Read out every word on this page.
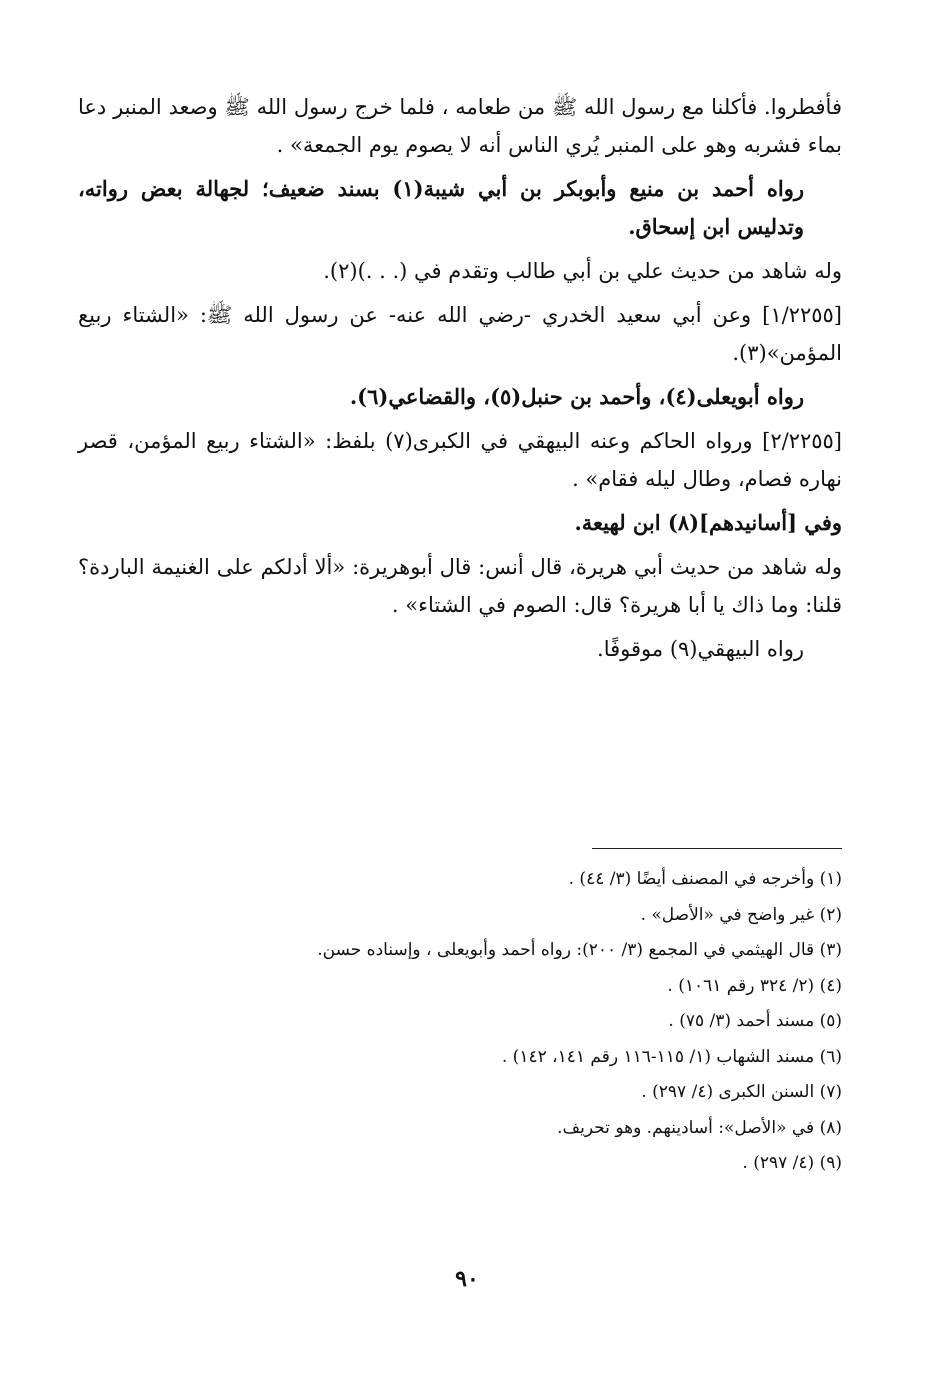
فأفطروا. فأكلنا مع رسول الله ﷺ من طعامه ، فلما خرج رسول الله ﷺ وصعد المنبر دعا بماء فشربه وهو على المنبر يُري الناس أنه لا يصوم يوم الجمعة» .

رواه أحمد بن منيع وأبوبكر بن أبي شيبة(١) بسند ضعيف؛ لجهالة بعض رواته، وتدليس ابن إسحاق.

وله شاهد من حديث علي بن أبي طالب وتقدم في (. . .)(٢).

[١/٢٢٥٥] وعن أبي سعيد الخدري -رضي الله عنه- عن رسول الله ﷺ: «الشتاء ربيع المؤمن»(٣).

رواه أبويعلى(٤)، وأحمد بن حنبل(٥)، والقضاعي(٦).

[٢/٢٢٥٥] ورواه الحاكم وعنه البيهقي في الكبرى(٧) بلفظ: «الشتاء ربيع المؤمن، قصر نهاره فصام، وطال ليله فقام» .

وفي [أسانيدهم](٨) ابن لهيعة.

وله شاهد من حديث أبي هريرة، قال أنس: قال أبوهريرة: «ألا أدلكم على الغنيمة الباردة؟ قلنا: وما ذاك يا أبا هريرة؟ قال: الصوم في الشتاء» .

رواه البيهقي(٩) موقوفًا.

(١) وأخرجه في المصنف أيضًا (٣/ ٤٤) .

(٢) غير واضح في «الأصل» .

(٣) قال الهيثمي في المجمع (٣/ ٢٠٠): رواه أحمد وأبويعلى ، وإسناده حسن.

(٤) (٢/ ٣٢٤ رقم ١٠٦١) .

(٥) مسند أحمد (٣/ ٧٥) .

(٦) مسند الشهاب (١/ ١١٥-١١٦ رقم ١٤١، ١٤٢) .

(٧) السنن الكبرى (٤/ ٢٩٧) .

(٨) في «الأصل»: أسادينهم. وهو تحريف.

(٩) (٤/ ٢٩٧) .

٩٠
